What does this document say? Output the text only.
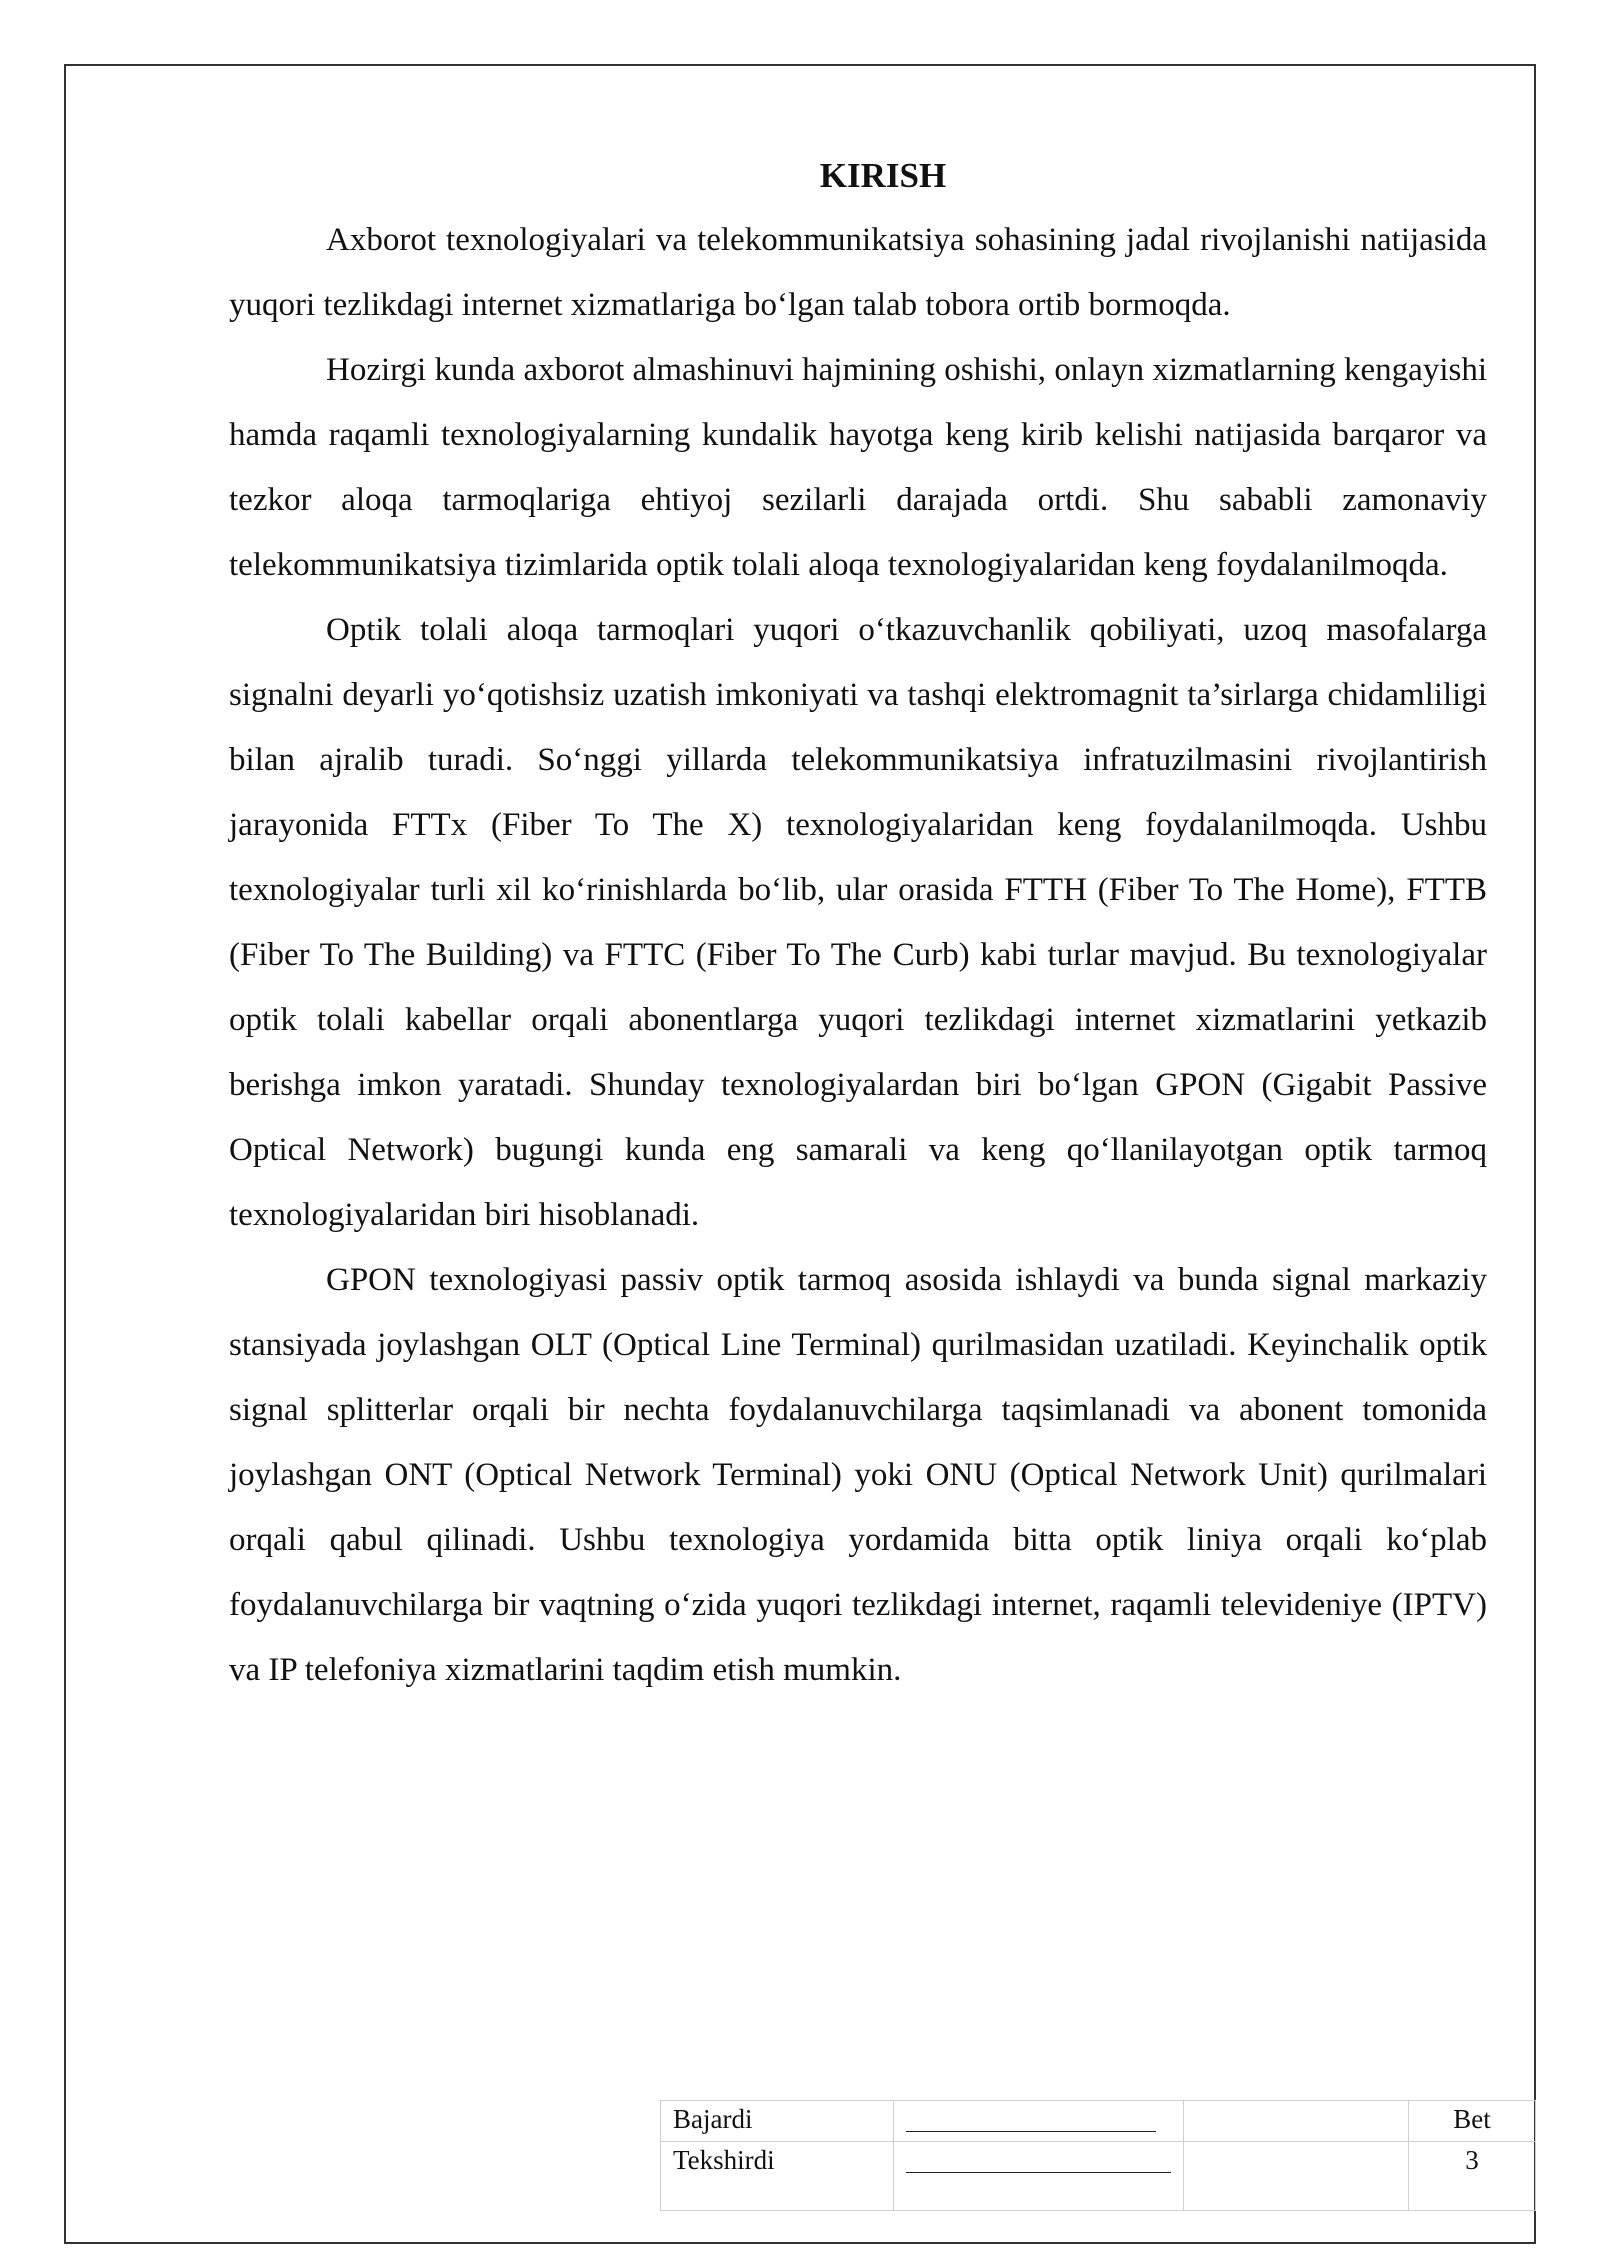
KIRISH

Axborot texnologiyalari va telekommunikatsiya sohasining jadal rivojlanishi natijasida yuqori tezlikdagi internet xizmatlariga bo‘lgan talab tobora ortib bormoqda.

Hozirgi kunda axborot almashinuvi hajmining oshishi, onlayn xizmatlarning kengayishi hamda raqamli texnologiyalarning kundalik hayotga keng kirib kelishi natijasida barqaror va tezkor aloqa tarmoqlariga ehtiyoj sezilarli darajada ortdi. Shu sababli zamonaviy telekommunikatsiya tizimlarida optik tolali aloqa texnologiyalaridan keng foydalanilmoqda.

Optik tolali aloqa tarmoqlari yuqori o‘tkazuvchanlik qobiliyati, uzoq masofalarga signalni deyarli yo‘qotishsiz uzatish imkoniyati va tashqi elektromagnit ta’sirlarga chidamliligi bilan ajralib turadi. So‘nggi yillarda telekommunikatsiya infratuzilmasini rivojlantirish jarayonida FTTx (Fiber To The X) texnologiyalaridan keng foydalanilmoqda. Ushbu texnologiyalar turli xil ko‘rinishlarda bo‘lib, ular orasida FTTH (Fiber To The Home), FTTB (Fiber To The Building) va FTTC (Fiber To The Curb) kabi turlar mavjud. Bu texnologiyalar optik tolali kabellar orqali abonentlarga yuqori tezlikdagi internet xizmatlarini yetkazib berishga imkon yaratadi. Shunday texnologiyalardan biri bo‘lgan GPON (Gigabit Passive Optical Network) bugungi kunda eng samarali va keng qo‘llanilayotgan optik tarmoq texnologiyalaridan biri hisoblanadi.

GPON texnologiyasi passiv optik tarmoq asosida ishlaydi va bunda signal markaziy stansiyada joylashgan OLT (Optical Line Terminal) qurilmasidan uzatiladi. Keyinchalik optik signal splitterlar orqali bir nechta foydalanuvchilarga taqsimlanadi va abonent tomonida joylashgan ONT (Optical Network Terminal) yoki ONU (Optical Network Unit) qurilmalari orqali qabul qilinadi. Ushbu texnologiya yordamida bitta optik liniya orqali ko‘plab foydalanuvchilarga bir vaqtning o‘zida yuqori tezlikdagi internet, raqamli televideniye (IPTV) va IP telefoniya xizmatlarini taqdim etish mumkin.

Bajardi			Bet
Tekshirdi			3
